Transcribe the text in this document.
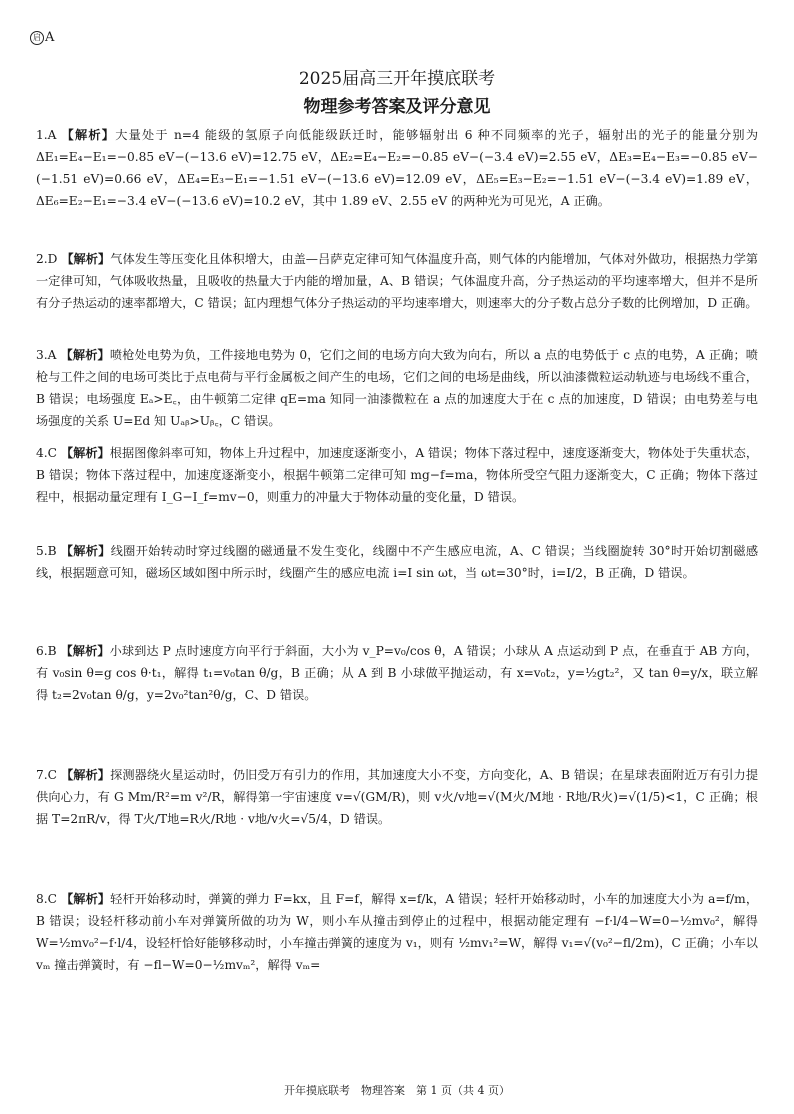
启 A
2025届高三开年摸底联考
物理参考答案及评分意见

1.A 【解析】大量处于 n=4 能级的氢原子向低能级跃迁时，能够辐射出 6 种不同频率的光子，辐射出的光子的能量分别为 ΔE₁=E₄−E₁=−0.85 eV−(−13.6 eV)=12.75 eV，ΔE₂=E₄−E₂=−0.85 eV−(−3.4 eV)=2.55 eV，ΔE₃=E₄−E₃=−0.85 eV−(−1.51 eV)=0.66 eV，ΔE₄=E₃−E₁=−1.51 eV−(−13.6 eV)=12.09 eV，ΔE₅=E₃−E₂=−1.51 eV−(−3.4 eV)=1.89 eV，ΔE₆=E₂−E₁=−3.4 eV−(−13.6 eV)=10.2 eV，其中 1.89 eV、2.55 eV 的两种光为可见光，A 正确。

2.D 【解析】气体发生等压变化且体积增大，由盖—吕萨克定律可知气体温度升高，则气体的内能增加，气体对外做功，根据热力学第一定律可知，气体吸收热量，且吸收的热量大于内能的增加量，A、B 错误；气体温度升高，分子热运动的平均速率增大，但并不是所有分子热运动的速率都增大，C 错误；缸内理想气体分子热运动的平均速率增大，则速率大的分子数占总分子数的比例增加，D 正确。

3.A 【解析】喷枪处电势为负，工件接地电势为 0，它们之间的电场方向大致为向右，所以 a 点的电势低于 c 点的电势，A 正确；喷枪与工件之间的电场可类比于点电荷与平行金属板之间产生的电场，它们之间的电场是曲线，所以油漆微粒运动轨迹与电场线不重合，B 错误；电场强度 Eₐ>E꜀，由牛顿第二定律 qE=ma 知同一油漆微粒在 a 点的加速度大于在 c 点的加速度，D 错误；由电势差与电场强度的关系 U=Ed 知 Uₐᵦ>Uᵦ꜀，C 错误。

4.C 【解析】根据图像斜率可知，物体上升过程中，加速度逐渐变小，A 错误；物体下落过程中，速度逐渐变大，物体处于失重状态，B 错误；物体下落过程中，加速度逐渐变小，根据牛顿第二定律可知 mg−f=ma，物体所受空气阻力逐渐变大，C 正确；物体下落过程中，根据动量定理有 I_G−I_f=mv−0，则重力的冲量大于物体动量的变化量，D 错误。

5.B 【解析】线圈开始转动时穿过线圈的磁通量不发生变化，线圈中不产生感应电流，A、C 错误；当线圈旋转 30°时开始切割磁感线，根据题意可知，磁场区域如图中所示时，线圈产生的感应电流 i=I sin ωt，当 ωt=30°时，i=I/2，B 正确，D 错误。

6.B 【解析】小球到达 P 点时速度方向平行于斜面，大小为 v_P=v₀/cos θ，A 错误；小球从 A 点运动到 P 点，在垂直于 AB 方向，有 v₀sin θ=g cos θ·t₁，解得 t₁=v₀tan θ/g，B 正确；从 A 到 B 小球做平抛运动，有 x=v₀t₂，y=½gt₂²，又 tan θ=y/x，联立解得 t₂=2v₀tan θ/g，y=2v₀²tan²θ/g，C、D 错误。

7.C 【解析】探测器绕火星运动时，仍旧受万有引力的作用，其加速度大小不变，方向变化，A、B 错误；在星球表面附近万有引力提供向心力，有 G Mm/R²=m v²/R，解得第一宇宙速度 v=√(GM/R)，则 v火/v地=√(M火/M地 · R地/R火)=√(1/5)<1，C 正确；根据 T=2πR/v，得 T火/T地=R火/R地 · v地/v火=√5/4，D 错误。

8.C 【解析】轻杆开始移动时，弹簧的弹力 F=kx，且 F=f，解得 x=f/k，A 错误；轻杆开始移动时，小车的加速度大小为 a=f/m，B 错误；设轻杆移动前小车对弹簧所做的功为 W，则小车从撞击到停止的过程中，根据动能定理有 −f·l/4−W=0−½mv₀²，解得 W=½mv₀²−f·l/4，设轻杆恰好能够移动时，小车撞击弹簧的速度为 v₁，则有 ½mv₁²=W，解得 v₁=√(v₀²−fl/2m)，C 正确；小车以 vₘ 撞击弹簧时，有 −fl−W=0−½mvₘ²，解得 vₘ=

开年摸底联考　物理答案　第 1 页（共 4 页）
